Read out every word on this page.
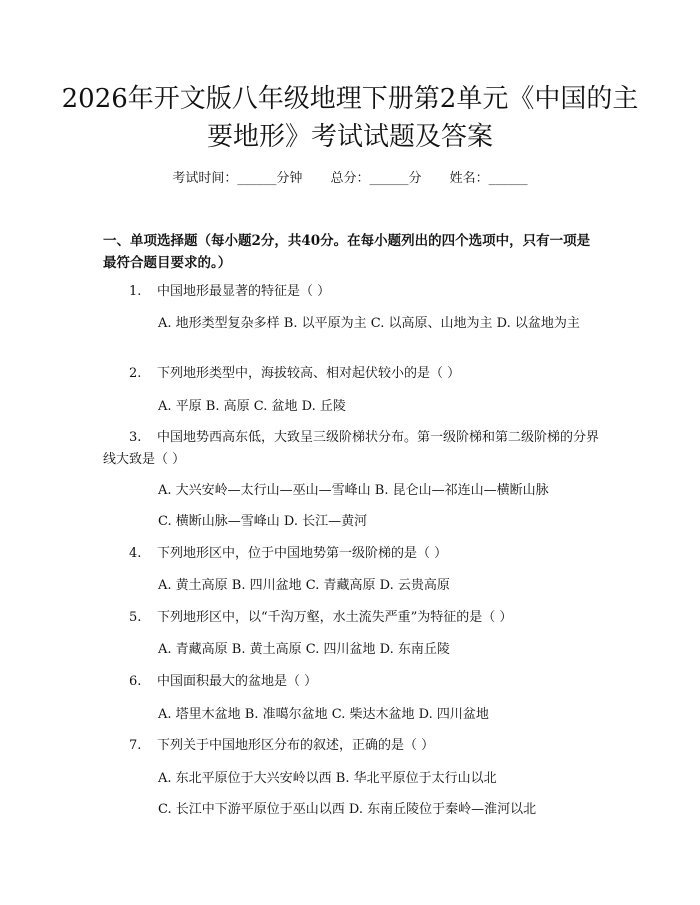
2026年开文版八年级地理下册第2单元《中国的主要地形》考试试题及答案
考试时间：______分钟 总分：______分 姓名：______

一、单项选择题（每小题2分，共40分。在每小题列出的四个选项中，只有一项是最符合题目要求的。）

1. 中国地形最显著的特征是（ ）

A. 地形类型复杂多样 B. 以平原为主 C. 以高原、山地为主 D. 以盆地为主

2. 下列地形类型中，海拔较高、相对起伏较小的是（ ）

A. 平原 B. 高原 C. 盆地 D. 丘陵

3. 中国地势西高东低，大致呈三级阶梯状分布。第一级阶梯和第二级阶梯的分界线大致是（ ）

A. 大兴安岭—太行山—巫山—雪峰山 B. 昆仑山—祁连山—横断山脉

C. 横断山脉—雪峰山 D. 长江—黄河

4. 下列地形区中，位于中国地势第一级阶梯的是（ ）

A. 黄土高原 B. 四川盆地 C. 青藏高原 D. 云贵高原

5. 下列地形区中，以“千沟万壑，水土流失严重”为特征的是（ ）

A. 青藏高原 B. 黄土高原 C. 四川盆地 D. 东南丘陵

6. 中国面积最大的盆地是（ ）

A. 塔里木盆地 B. 准噶尔盆地 C. 柴达木盆地 D. 四川盆地

7. 下列关于中国地形区分布的叙述，正确的是（ ）

A. 东北平原位于大兴安岭以西 B. 华北平原位于太行山以北

C. 长江中下游平原位于巫山以西 D. 东南丘陵位于秦岭—淮河以北
